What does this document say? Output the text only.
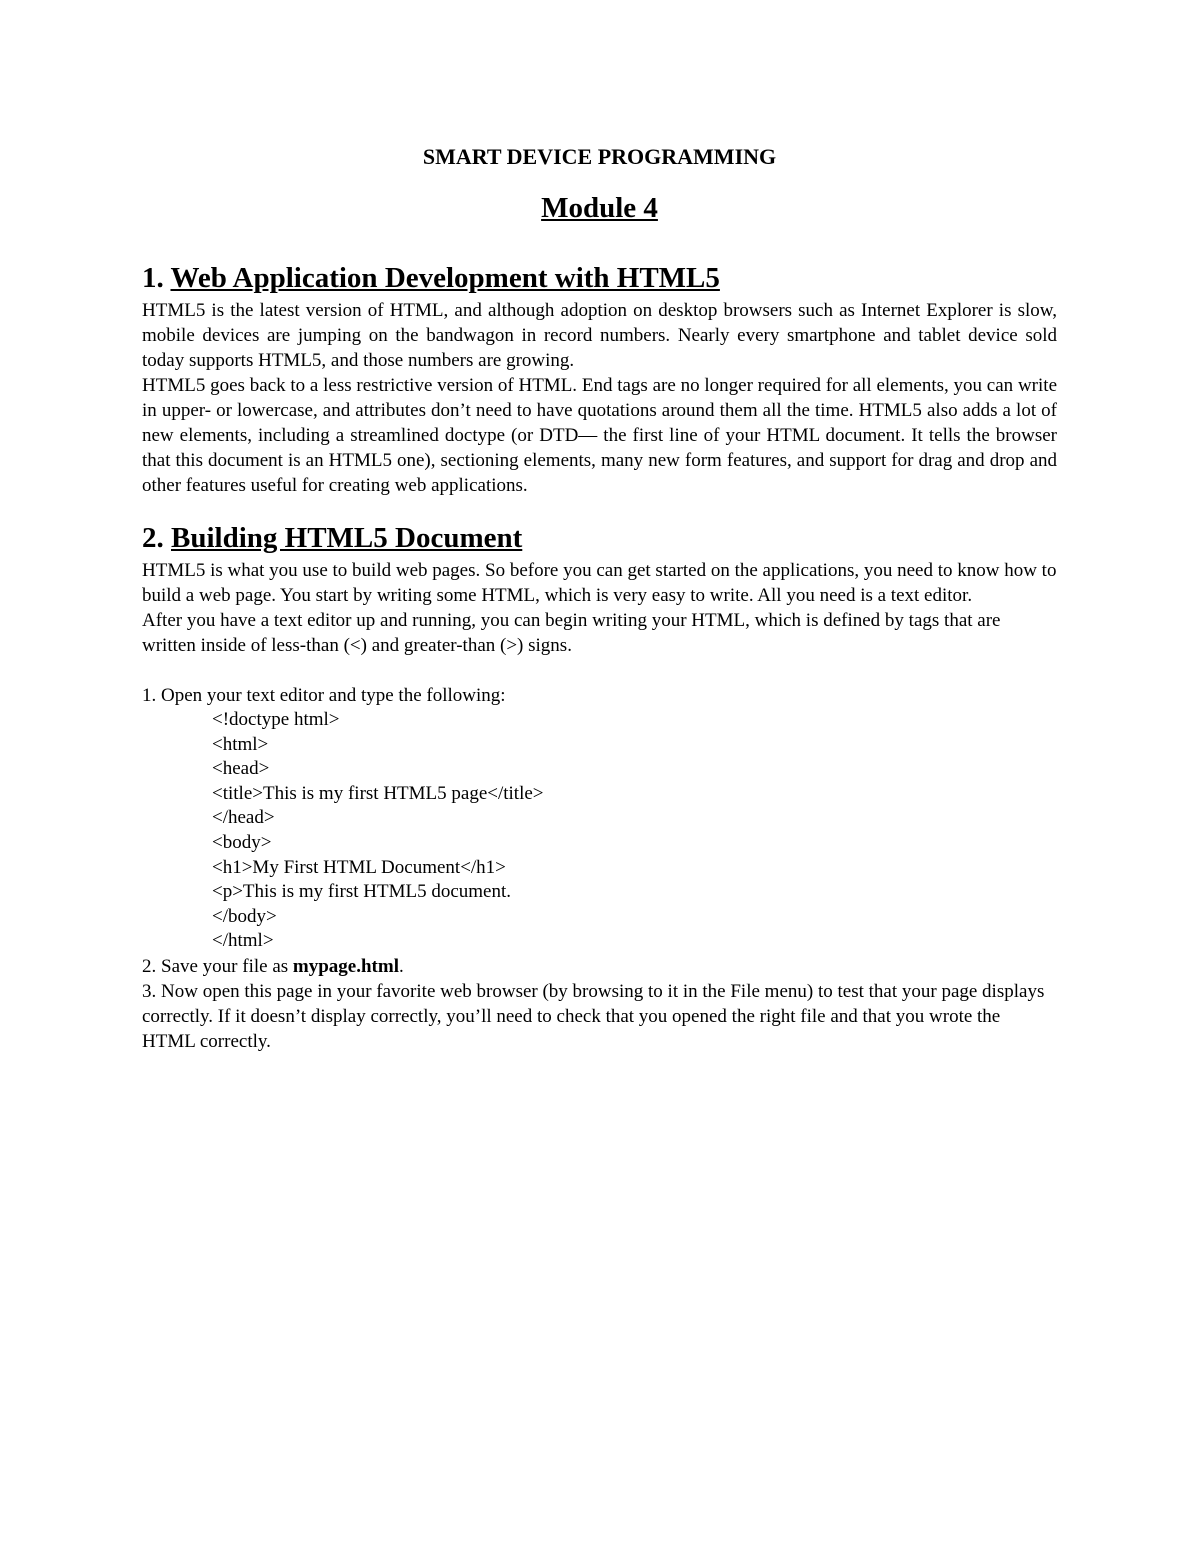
SMART DEVICE PROGRAMMING
Module 4
1. Web Application Development with HTML5

HTML5 is the latest version of HTML, and although adoption on desktop browsers such as Internet Explorer is slow, mobile devices are jumping on the bandwagon in record numbers. Nearly every smartphone and tablet device sold today supports HTML5, and those numbers are growing.

HTML5 goes back to a less restrictive version of HTML. End tags are no longer required for all elements, you can write in upper- or lowercase, and attributes don’t need to have quotations around them all the time. HTML5 also adds a lot of new elements, including a streamlined doctype (or DTD— the first line of your HTML document. It tells the browser that this document is an HTML5 one), sectioning elements, many new form features, and support for drag and drop and other features useful for creating web applications.

2. Building HTML5 Document

HTML5 is what you use to build web pages. So before you can get started on the applications, you need to know how to build a web page. You start by writing some HTML, which is very easy to write. All you need is a text editor.

After you have a text editor up and running, you can begin writing your HTML, which is defined by tags that are written inside of less-than (<) and greater-than (>) signs.

1. Open your text editor and type the following:

<!doctype html>

<html>

<head>

<title>This is my first HTML5 page</title>

</head>

<body>

<h1>My First HTML Document</h1>

<p>This is my first HTML5 document.

</body>

</html>

2. Save your file as mypage.html.

3. Now open this page in your favorite web browser (by browsing to it in the File menu) to test that your page displays correctly. If it doesn’t display correctly, you’ll need to check that you opened the right file and that you wrote the HTML correctly.
